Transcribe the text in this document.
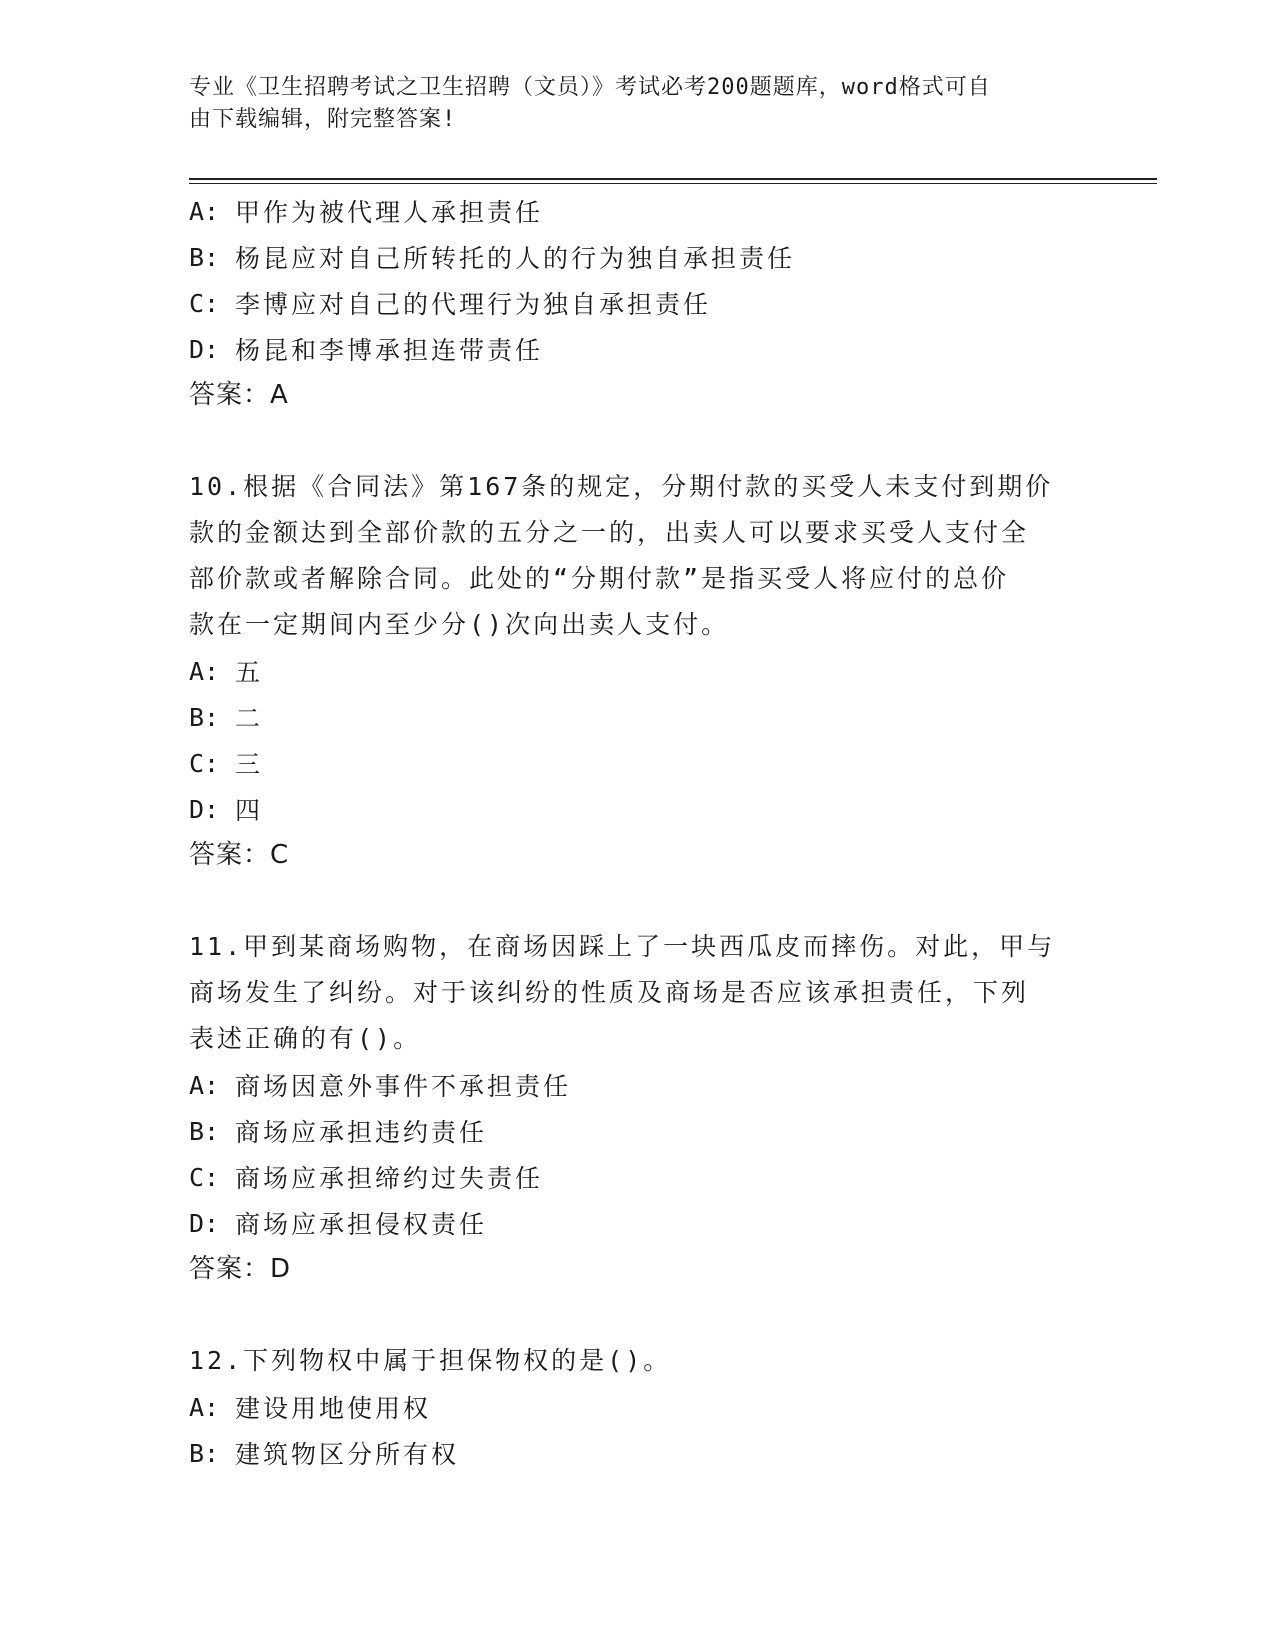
专业《卫生招聘考试之卫生招聘（文员）》考试必考200题题库，word格式可自
由下载编辑，附完整答案!
A: 甲作为被代理人承担责任
B: 杨昆应对自己所转托的人的行为独自承担责任
C: 李博应对自己的代理行为独自承担责任
D: 杨昆和李博承担连带责任
答案：A
10.根据《合同法》第167条的规定，分期付款的买受人未支付到期价
款的金额达到全部价款的五分之一的，出卖人可以要求买受人支付全
部价款或者解除合同。此处的“分期付款”是指买受人将应付的总价
款在一定期间内至少分()次向出卖人支付。
A: 五
B: 二
C: 三
D: 四
答案：C
11.甲到某商场购物，在商场因踩上了一块西瓜皮而摔伤。对此，甲与
商场发生了纠纷。对于该纠纷的性质及商场是否应该承担责任，下列
表述正确的有()。
A: 商场因意外事件不承担责任
B: 商场应承担违约责任
C: 商场应承担缔约过失责任
D: 商场应承担侵权责任
答案：D
12.下列物权中属于担保物权的是()。
A: 建设用地使用权
B: 建筑物区分所有权
